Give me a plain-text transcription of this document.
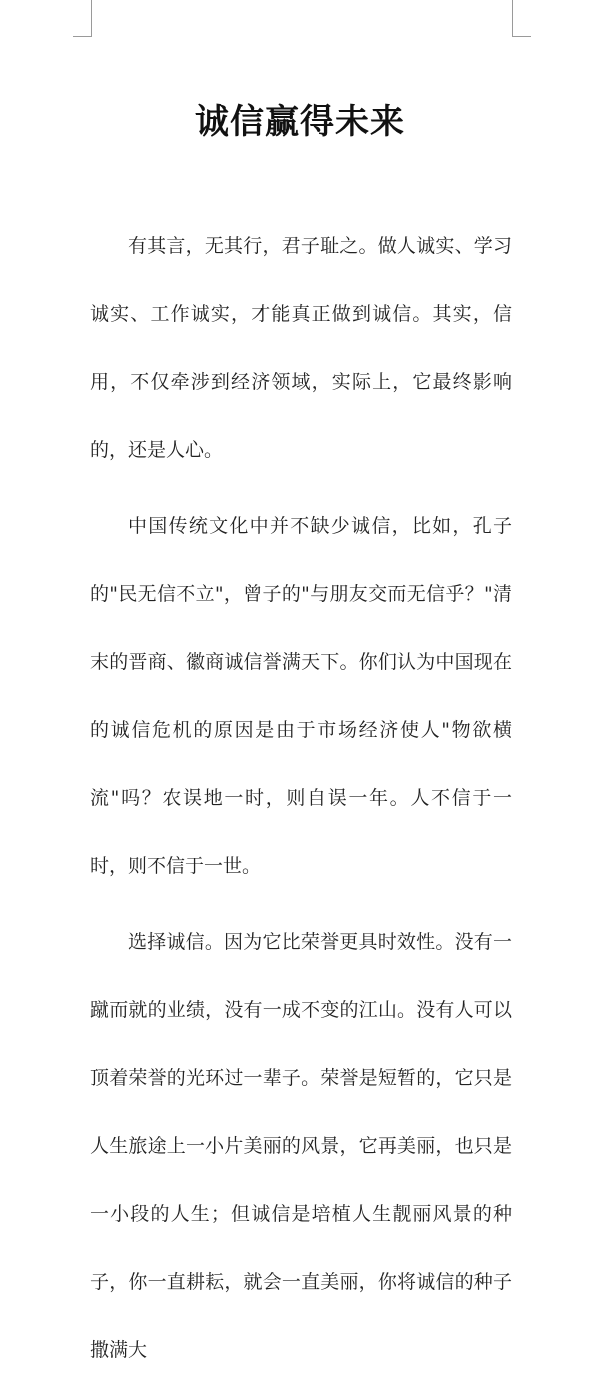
诚信赢得未来

有其言，无其行，君子耻之。做人诚实、学习诚实、工作诚实，才能真正做到诚信。其实，信用，不仅牵涉到经济领域，实际上，它最终影响的，还是人心。

中国传统文化中并不缺少诚信，比如，孔子的"民无信不立"，曾子的"与朋友交而无信乎？"清末的晋商、徽商诚信誉满天下。你们认为中国现在的诚信危机的原因是由于市场经济使人"物欲横流"吗？农误地一时，则自误一年。人不信于一时，则不信于一世。

选择诚信。因为它比荣誉更具时效性。没有一蹴而就的业绩，没有一成不变的江山。没有人可以顶着荣誉的光环过一辈子。荣誉是短暂的，它只是人生旅途上一小片美丽的风景，它再美丽，也只是一小段的人生；但诚信是培植人生靓丽风景的种子，你一直耕耘，就会一直美丽，你将诚信的种子撒满大
